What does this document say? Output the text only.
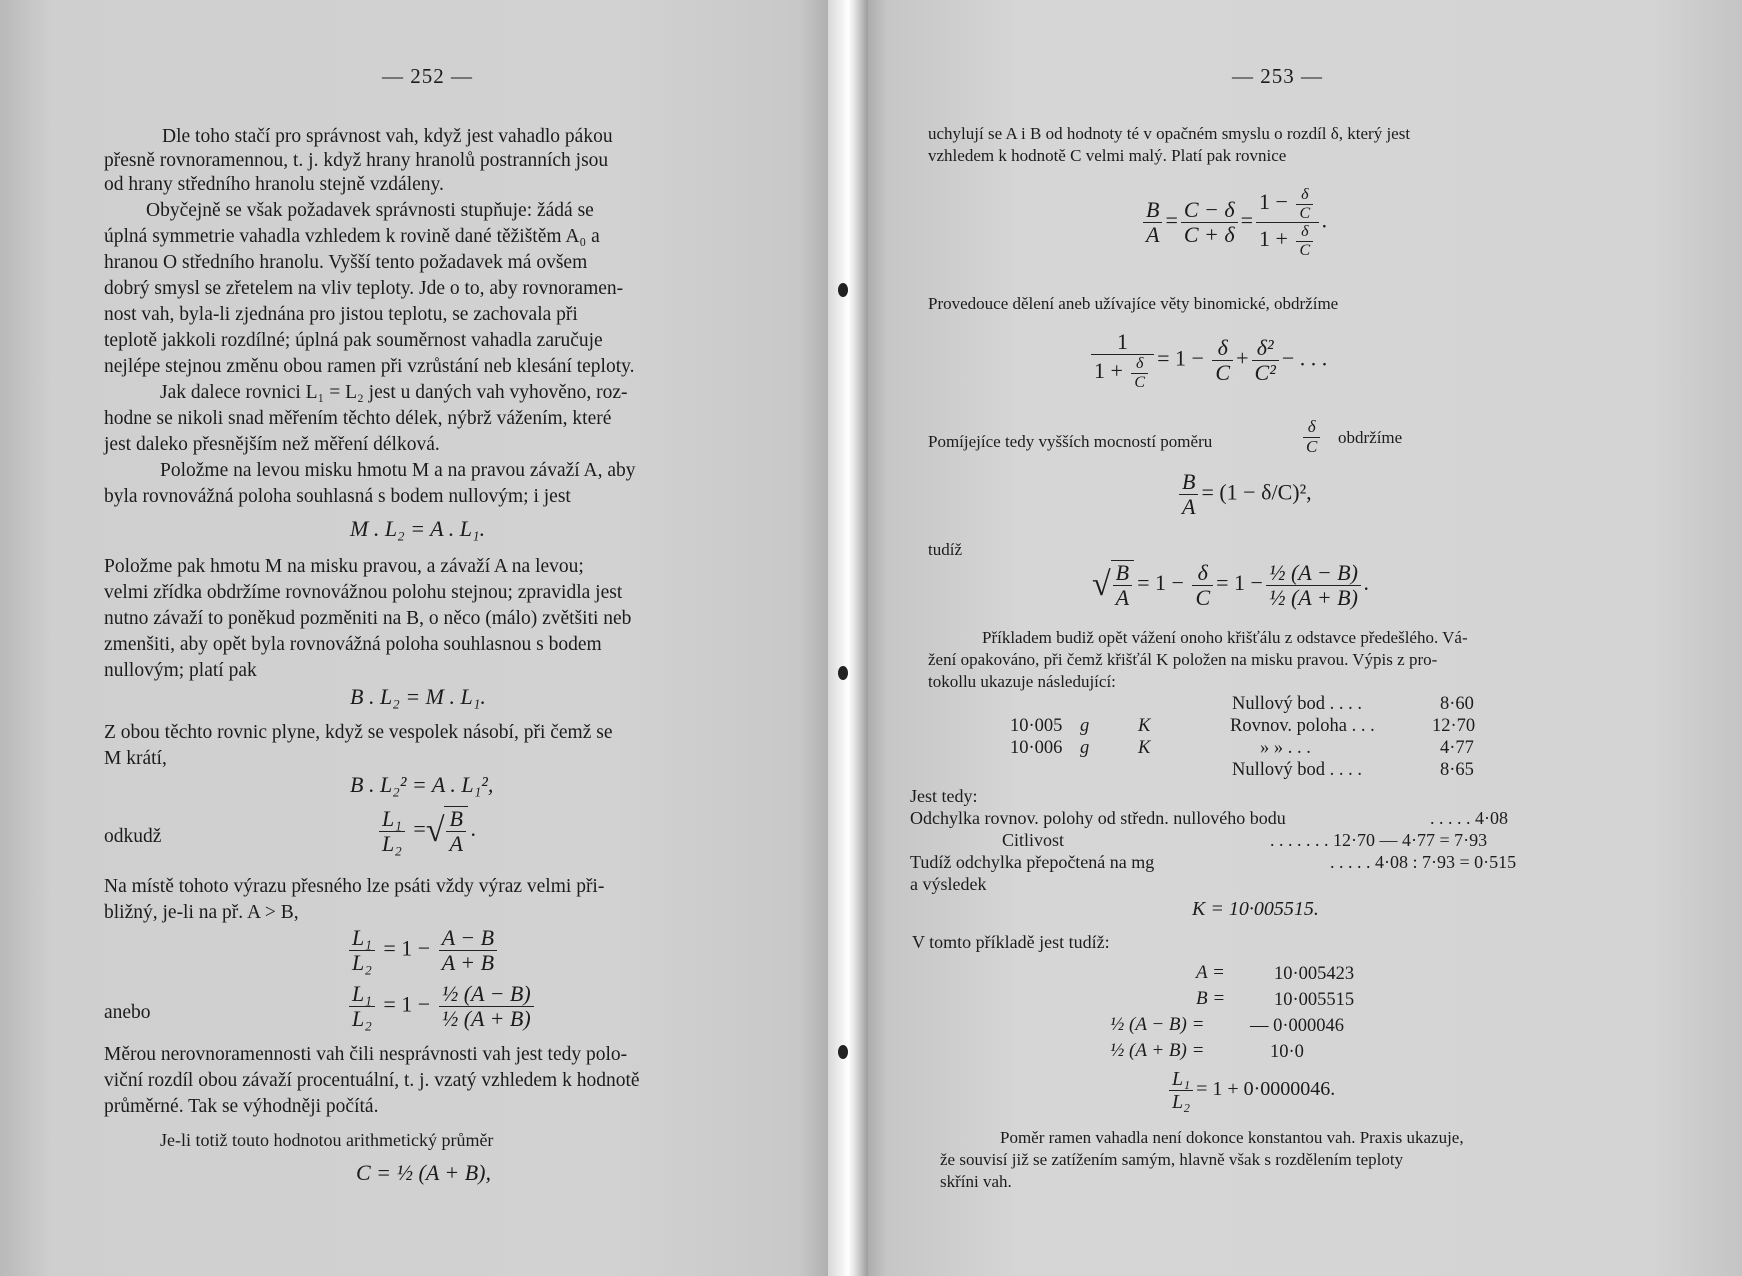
— 252 —
Dle toho stačí pro správnost vah, když jest vahadlo pákou
přesně rovnoramennou, t. j. když hrany hranolů postranních jsou
od hrany středního hranolu stejně vzdáleny.
Obyčejně se však požadavek správnosti stupňuje: žádá se
úplná symmetrie vahadla vzhledem k rovině dané těžištěm A₀ a
hranou O středního hranolu. Vyšší tento požadavek má ovšem
dobrý smysl se zřetelem na vliv teploty. Jde o to, aby rovnoramen-
nost vah, byla-li zjednána pro jistou teplotu, se zachovala při
teplotě jakkoli rozdílné; úplná pak souměrnost vahadla zaručuje
nejlépe stejnou změnu obou ramen při vzrůstání neb klesání teploty.
Jak dalece rovnici L₁ = L₂ jest u daných vah vyhověno, roz-
hodne se nikoli snad měřením těchto délek, nýbrž vážením, které
jest daleko přesnějším než měření délková.
Položme na levou misku hmotu M a na pravou závaží A, aby
byla rovnovážná poloha souhlasná s bodem nullovým; i jest
M . L₂ = A . L₁.
Položme pak hmotu M na misku pravou, a závaží A na levou;
velmi zřídka obdržíme rovnovážnou polohu stejnou; zpravidla jest
nutno závaží to poněkud pozměniti na B, o něco (málo) zvětšiti neb
zmenšiti, aby opět byla rovnovážná poloha souhlasnou s bodem
nullovým; platí pak
B . L₂ = M . L₁.
Z obou těchto rovnic plyne, když se vespolek násobí, při čemž se
M krátí,
B . L₂² = A . L₁²,
odkudž	$\frac{\text{L₁}}{\text{L₂}}$ =√ $\frac{B}{A}$ .
Na místě tohoto výrazu přesného lze psáti vždy výraz velmi při-
bližný, je-li na př. A > B,
$\frac{\text{L₁}}{\text{L₂}} = 1 - \frac{A - B}{A + B}$
anebo	$\frac{\text{L₁}}{\text{L₂}} = 1 - \frac{\text{½ (A − B)}}{\text{½ (A + B)}}$
Měrou nerovnoramennosti vah čili nesprávnosti vah jest tedy polo-
viční rozdíl obou závaží procentuální, t. j. vzatý vzhledem k hodnotě
průměrné. Tak se výhodněji počítá.
Je-li totiž touto hodnotou arithmetický průměr
C = ½ (A + B),
— 253 —
uchylují se A i B od hodnoty té v opačném smyslu o rozdíl δ, který jest
vzhledem k hodnotě C velmi malý. Platí pak rovnice
$\frac{B}{A} = \frac{C - \delta}{C + \delta} = \frac{1 - \frac{\delta}{C}}{1 + \frac{\delta}{C}}$ .
Provedouce dělení aneb užívajíce věty binomické, obdržíme
$\frac{1}{1 + \frac{\delta}{C}} = 1 - \frac{\delta}{C} + \frac{\text{δ²}}{\text{C²}}$ − . . .
Pomíjejíce tedy vyšších mocností poměru	$\frac{\delta}{C}$ obdržíme
$\frac{B}{A} = (1 - \delta/C)^2$,
tudíž
√ $\frac{B}{A} = 1 - \frac{\delta}{C} = 1 - \frac{\text{½ (A − B)}}{\text{½ (A + B)}}$ .
Příkladem budiž opět vážení onoho křišťálu z odstavce předešlého. Vá-
žení opakováno, při čemž křišťál K položen na misku pravou. Výpis z pro-
tokollu ukazuje následující:
Nullový bod . . . .	8·60
10·005 g	K	Rovnov. poloha . . .	12·70
10·006 g	K	» » . . .	4·77
Nullový bod . . . .	8·65
Jest tedy:
Odchylka rovnov. polohy od středn. nullového bodu	. . . . . 4·08
Citlivost	. . . . . . . 12·70 — 4·77 = 7·93
Tudíž odchylka přepočtená na mg	. . . . . 4·08 : 7·93 = 0·515
a výsledek
K = 10·005515.
V tomto příkladě jest tudíž:
A =	10·005423
B =	10·005515
½ (A − B) = — 0·000046
½ (A + B) =	10·0
$\frac{\text{L₁}}{\text{L₂}} = 1 + 0\cdot 0000046$.
Poměr ramen vahadla není dokonce konstantou vah. Praxis ukazuje,
že souvisí již se zatížením samým, hlavně však s rozdělením teploty
skříni vah.
